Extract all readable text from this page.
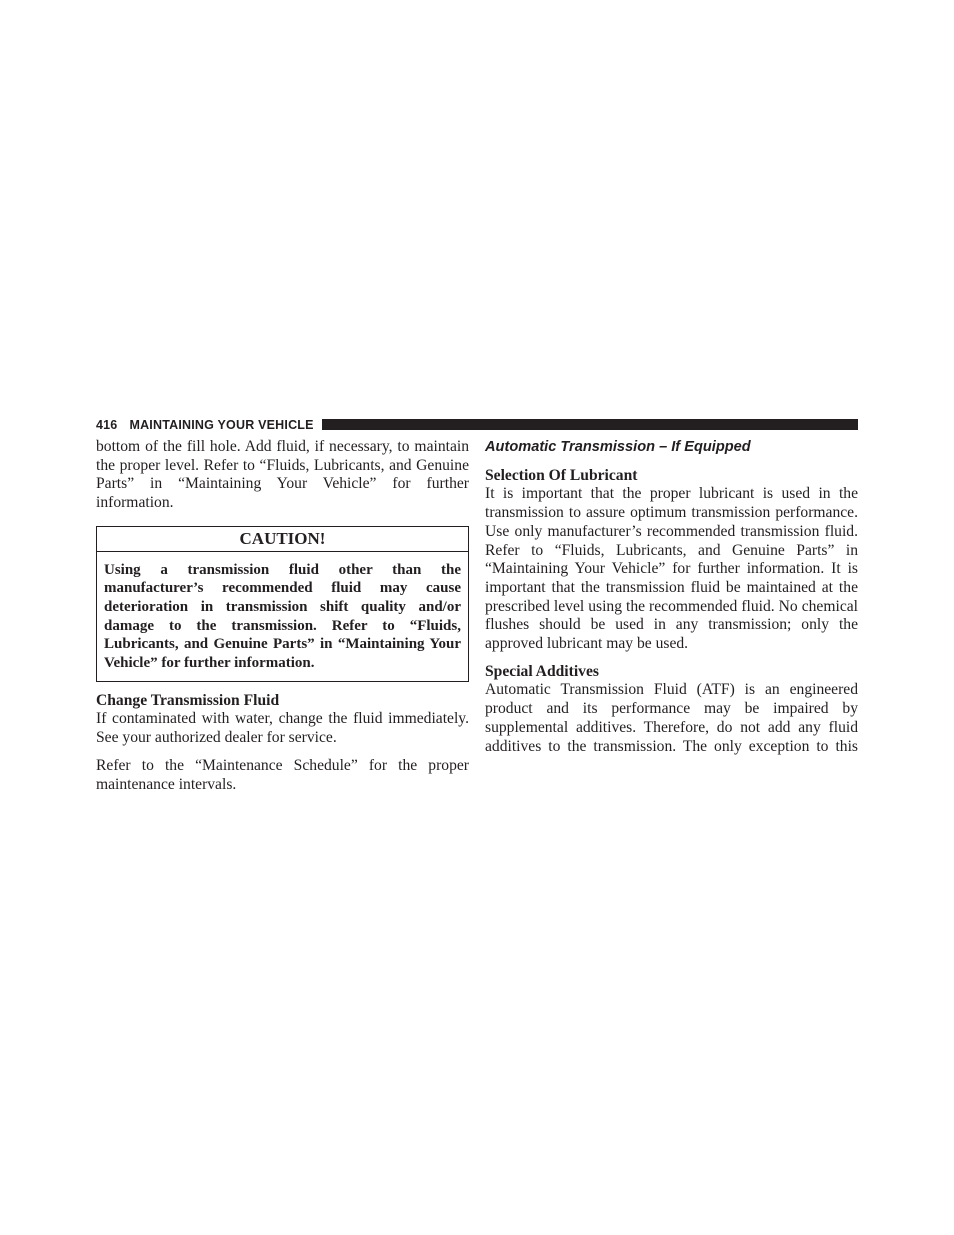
416 MAINTAINING YOUR VEHICLE

bottom of the fill hole. Add fluid, if necessary, to maintain the proper level. Refer to “Fluids, Lubricants, and Genuine Parts” in “Maintaining Your Vehicle” for further information.

CAUTION!
Using a transmission fluid other than the manufacturer’s recommended fluid may cause deterioration in transmission shift quality and/or damage to the transmission. Refer to “Fluids, Lubricants, and Genuine Parts” in “Maintaining Your Vehicle” for further information.
Change Transmission Fluid

If contaminated with water, change the fluid immediately. See your authorized dealer for service.

Refer to the “Maintenance Schedule” for the proper maintenance intervals.

Automatic Transmission – If Equipped
Selection Of Lubricant

It is important that the proper lubricant is used in the transmission to assure optimum transmission performance. Use only manufacturer’s recommended transmission fluid. Refer to “Fluids, Lubricants, and Genuine Parts” in “Maintaining Your Vehicle” for further information. It is important that the transmission fluid be maintained at the prescribed level using the recommended fluid. No chemical flushes should be used in any transmission; only the approved lubricant may be used.

Special Additives

Automatic Transmission Fluid (ATF) is an engineered product and its performance may be impaired by supplemental additives. Therefore, do not add any fluid additives to the transmission. The only exception to this
